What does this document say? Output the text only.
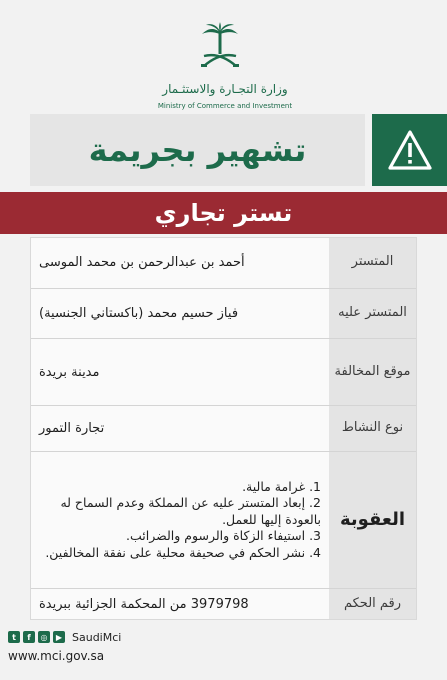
وزارة التجـارة والاستثـمار
Ministry of Commerce and Investment
تشهير بجريمة
تستر تجاري
أحمد بن عبدالرحمن بن محمد الموسى	المتستر
فياز حسيم محمد (باكستاني الجنسية)	المتستر عليه
مدينة بريدة	موقع المخالفة
تجارة التمور	نوع النشاط
1. غرامة مالية.
2. إبعاد المتستر عليه عن المملكة وعدم السماح له بالعودة إليها للعمل.
3. استيفاء الزكاة والرسوم والضرائب.
4. نشر الحكم في صحيفة محلية على نفقة المخالفين.
العقوبة
3979798 من المحكمة الجزائية ببريدة	رقم الحكم
t	f	◎	▶ SaudiMci
www.mci.gov.sa
